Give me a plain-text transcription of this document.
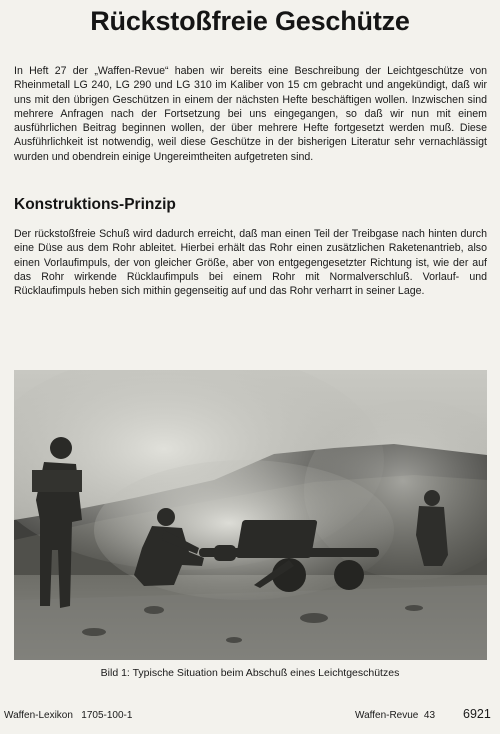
Rückstoßfreie Geschütze
In Heft 27 der „Waffen-Revue“ haben wir bereits eine Beschreibung der Leichtgeschütze von Rheinmetall LG 240, LG 290 und LG 310 im Kaliber von 15 cm gebracht und angekündigt, daß wir uns mit den übrigen Geschützen in einem der nächsten Hefte beschäftigen wollen. Inzwischen sind mehrere Anfragen nach der Fortsetzung bei uns eingegangen, so daß wir nun mit einem ausführlichen Beitrag beginnen wollen, der über mehrere Hefte fortgesetzt werden muß. Diese Ausführlichkeit ist notwendig, weil diese Geschütze in der bisherigen Literatur sehr vernachlässigt wurden und obendrein einige Ungereimtheiten aufgetreten sind.
Konstruktions-Prinzip
Der rückstoßfreie Schuß wird dadurch erreicht, daß man einen Teil der Treibgase nach hinten durch eine Düse aus dem Rohr ableitet. Hierbei erhält das Rohr einen zusätzlichen Raketenantrieb, also einen Vorlaufimpuls, der von gleicher Größe, aber von entgegengesetzter Richtung ist, wie der auf das Rohr wirkende Rücklaufimpuls bei einem Rohr mit Normalverschluß. Vorlauf- und Rücklaufimpuls heben sich mithin gegenseitig auf und das Rohr verharrt in seiner Lage.
Bild 1: Typische Situation beim Abschuß eines Leichtgeschützes
Waffen-Lexikon   1705-100-1	Waffen-Revue  43 6921
